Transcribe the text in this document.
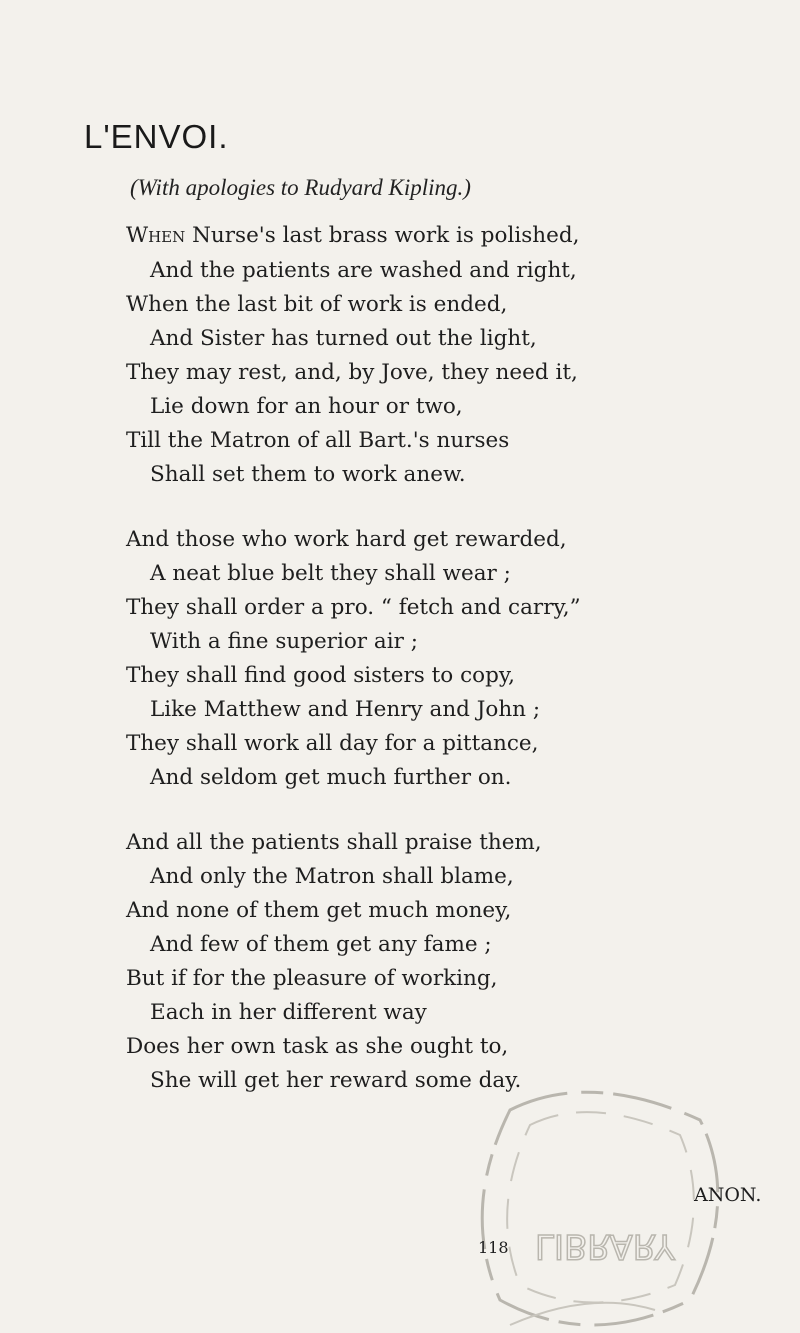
L'ENVOI.
(With apologies to Rudyard Kipling.)
When Nurse's last brass work is polished,
And the patients are washed and right,
When the last bit of work is ended,
And Sister has turned out the light,
They may rest, and, by Jove, they need it,
Lie down for an hour or two,
Till the Matron of all Bart.'s nurses
Shall set them to work anew.
And those who work hard get rewarded,
A neat blue belt they shall wear ;
They shall order a pro. “ fetch and carry,”
With a fine superior air ;
They shall find good sisters to copy,
Like Matthew and Henry and John ;
They shall work all day for a pittance,
And seldom get much further on.
And all the patients shall praise them,
And only the Matron shall blame,
And none of them get much money,
And few of them get any fame ;
But if for the pleasure of working,
Each in her different way
Does her own task as she ought to,
She will get her reward some day.
LIBRARY
ANON.
118
